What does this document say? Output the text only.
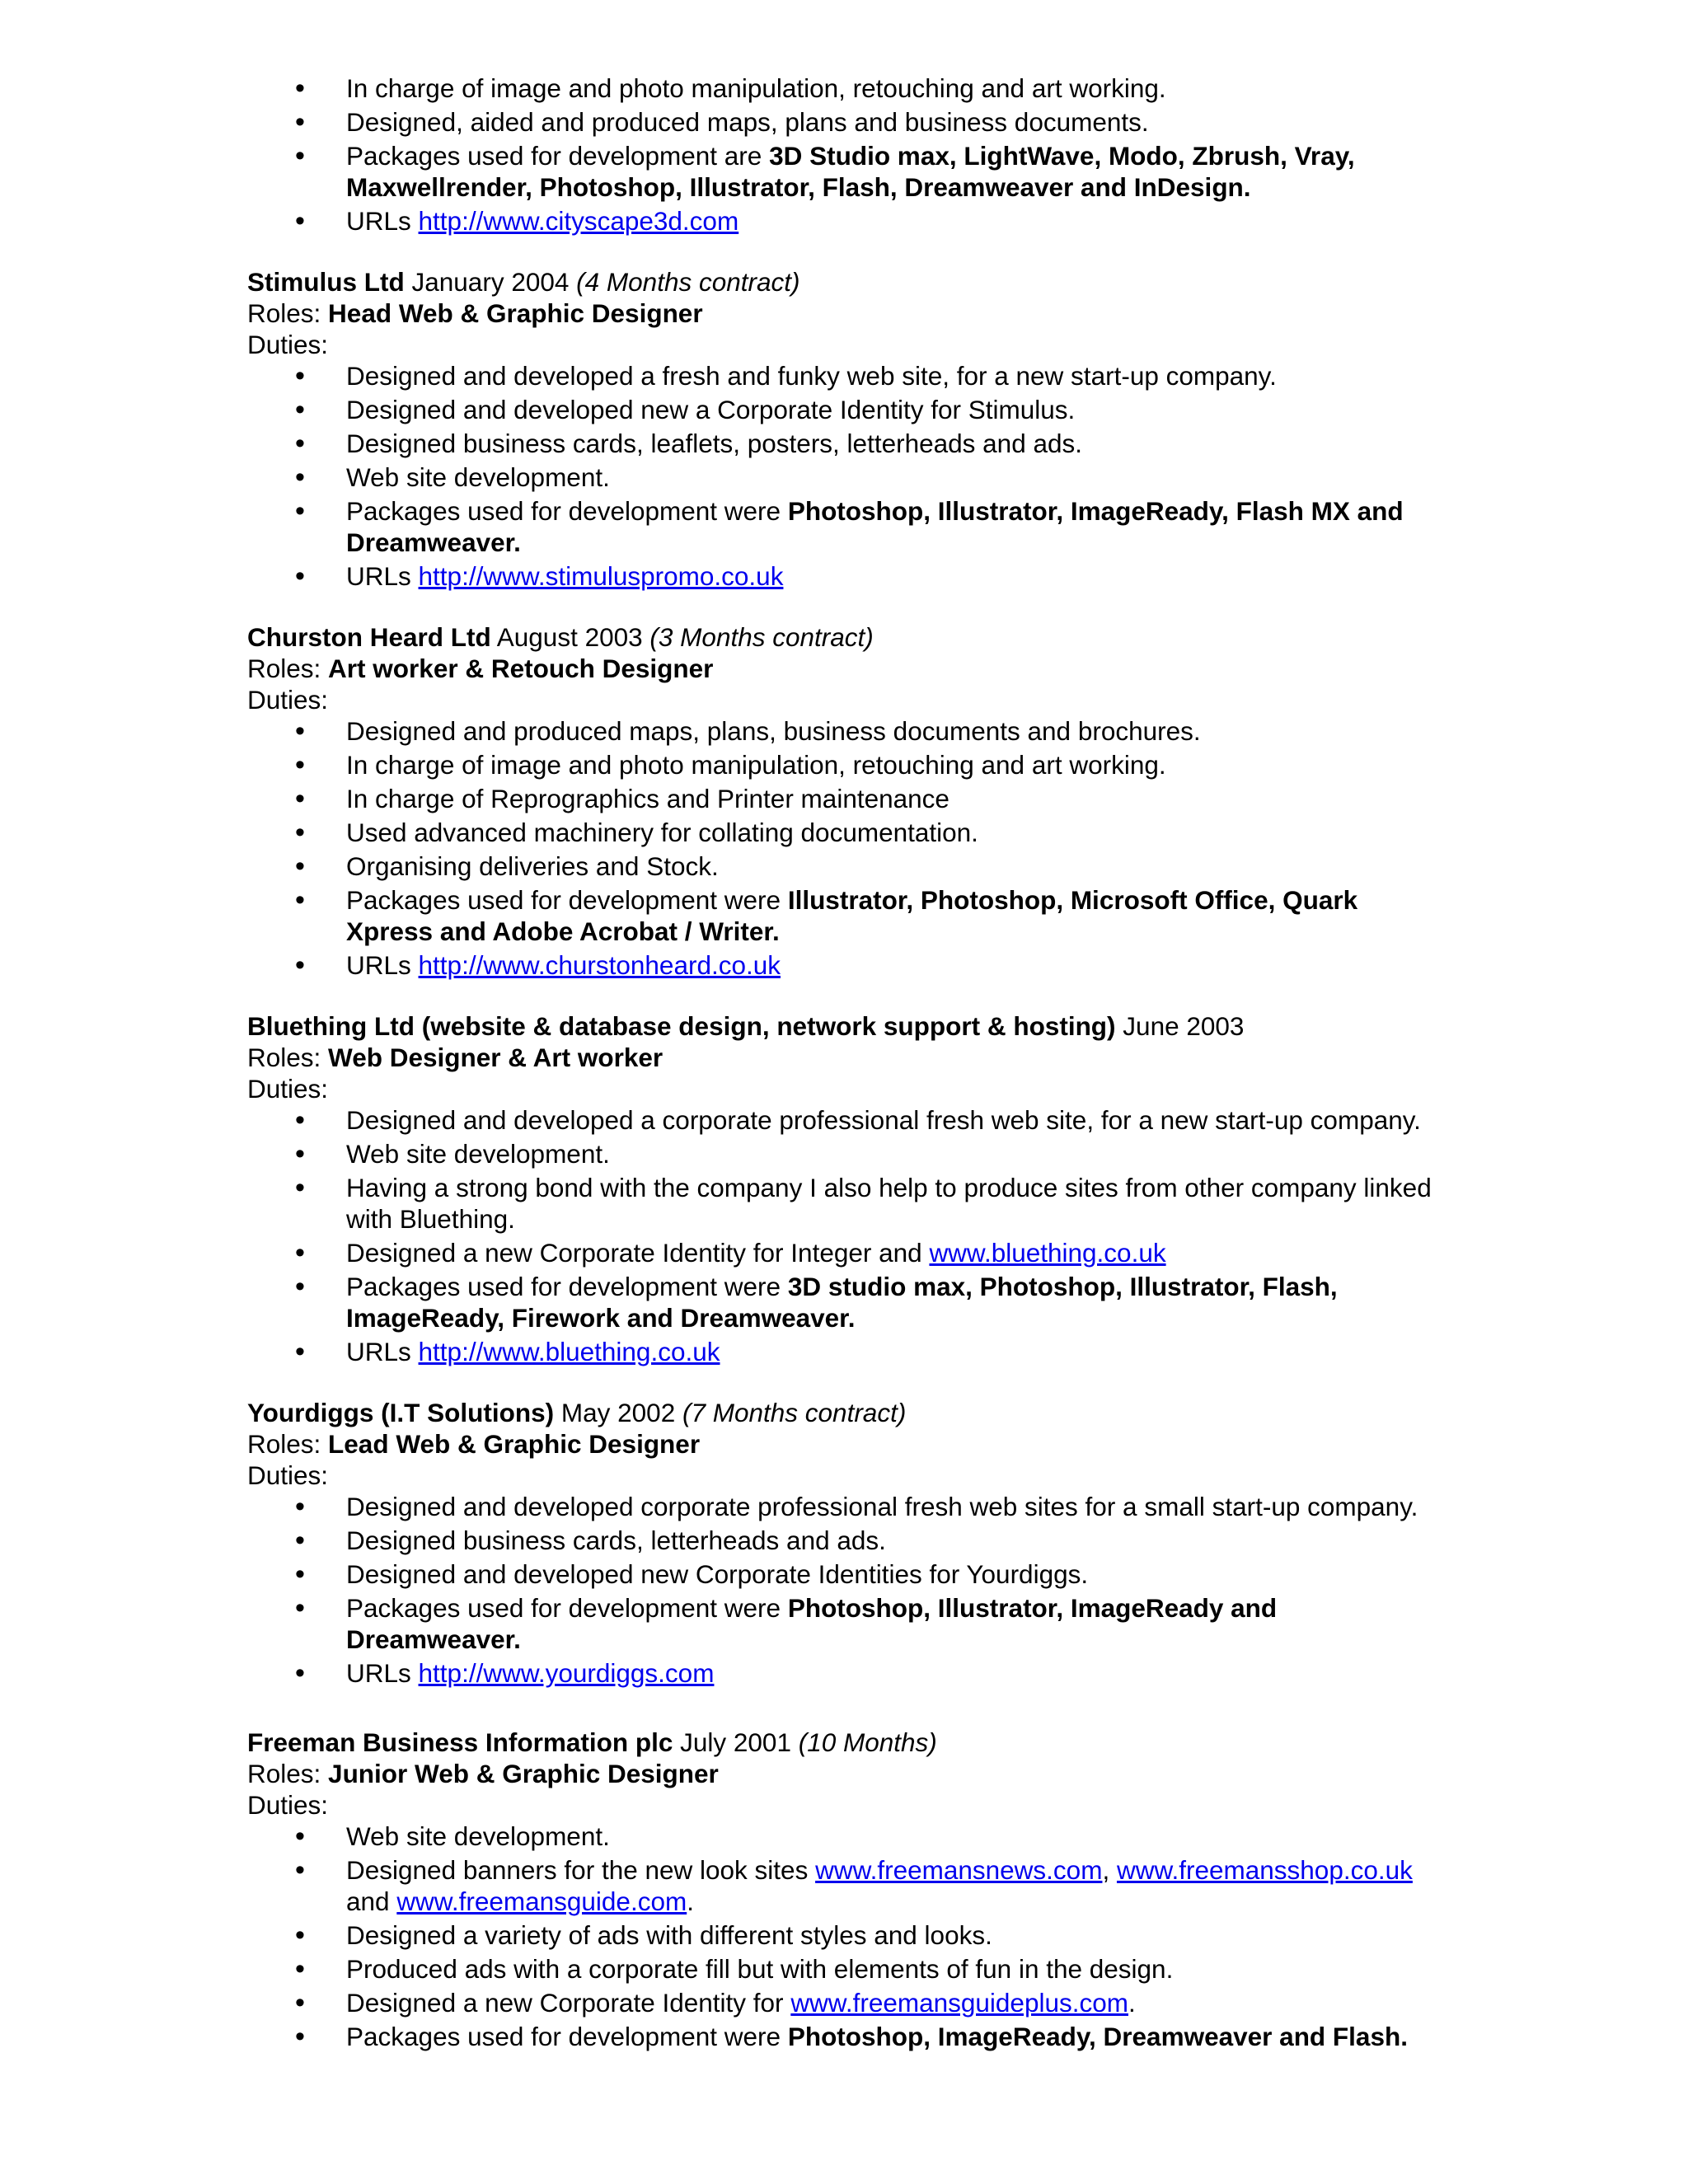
• In charge of image and photo manipulation, retouching and art working.
• Designed, aided and produced maps, plans and business documents.
• Packages used for development are 3D Studio max, LightWave, Modo, Zbrush, Vray, Maxwellrender, Photoshop, Illustrator, Flash, Dreamweaver and InDesign.
• URLs http://www.cityscape3d.com
Stimulus Ltd January 2004 (4 Months contract)
Roles: Head Web & Graphic Designer
Duties:
• Designed and developed a fresh and funky web site, for a new start-up company.
• Designed and developed new a Corporate Identity for Stimulus.
• Designed business cards, leaflets, posters, letterheads and ads.
• Web site development.
• Packages used for development were Photoshop, Illustrator, ImageReady, Flash MX and Dreamweaver.
• URLs http://www.stimuluspromo.co.uk
Churston Heard Ltd August 2003 (3 Months contract)
Roles: Art worker & Retouch Designer
Duties:
• Designed and produced maps, plans, business documents and brochures.
• In charge of image and photo manipulation, retouching and art working.
• In charge of Reprographics and Printer maintenance
• Used advanced machinery for collating documentation.
• Organising deliveries and Stock.
• Packages used for development were Illustrator, Photoshop, Microsoft Office, Quark Xpress and Adobe Acrobat / Writer.
• URLs http://www.churstonheard.co.uk
Bluething Ltd (website & database design, network support & hosting) June 2003
Roles: Web Designer & Art worker
Duties:
• Designed and developed a corporate professional fresh web site, for a new start-up company.
• Web site development.
• Having a strong bond with the company I also help to produce sites from other company linked with Bluething.
• Designed a new Corporate Identity for Integer and www.bluething.co.uk
• Packages used for development were 3D studio max, Photoshop, Illustrator, Flash, ImageReady, Firework and Dreamweaver.
• URLs http://www.bluething.co.uk
Yourdiggs (I.T Solutions) May 2002 (7 Months contract)
Roles: Lead Web & Graphic Designer
Duties:
• Designed and developed corporate professional fresh web sites for a small start-up company.
• Designed business cards, letterheads and ads.
• Designed and developed new Corporate Identities for Yourdiggs.
• Packages used for development were Photoshop, Illustrator, ImageReady and Dreamweaver.
• URLs http://www.yourdiggs.com
Freeman Business Information plc July 2001 (10 Months)
Roles: Junior Web & Graphic Designer
Duties:
• Web site development.
• Designed banners for the new look sites www.freemansnews.com, www.freemansshop.co.uk and www.freemansguide.com.
• Designed a variety of ads with different styles and looks.
• Produced ads with a corporate fill but with elements of fun in the design.
• Designed a new Corporate Identity for www.freemansguideplus.com.
• Packages used for development were Photoshop, ImageReady, Dreamweaver and Flash.
